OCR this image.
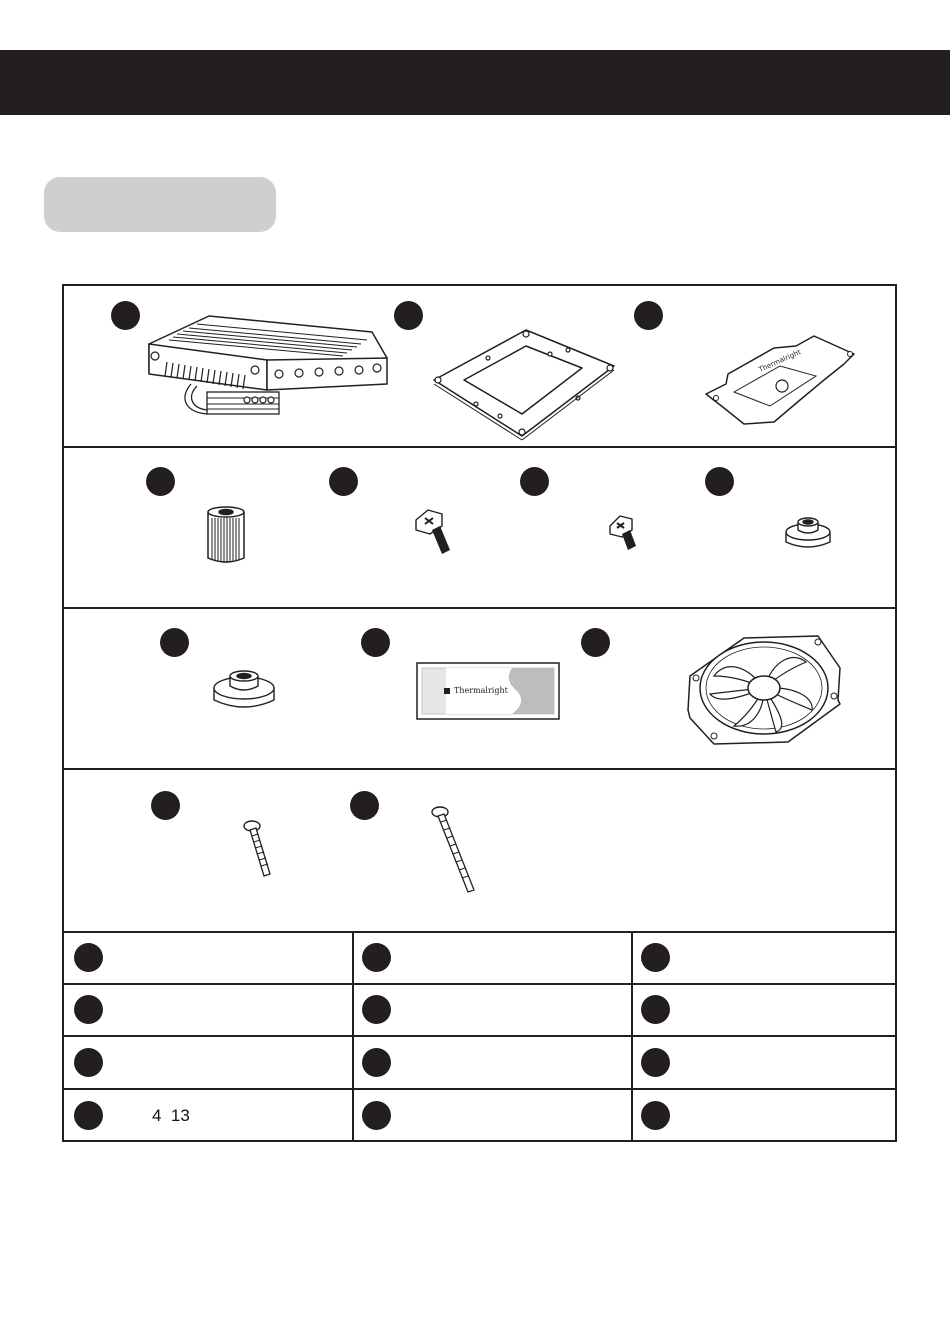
Thermalright
Thermalright
4  13
